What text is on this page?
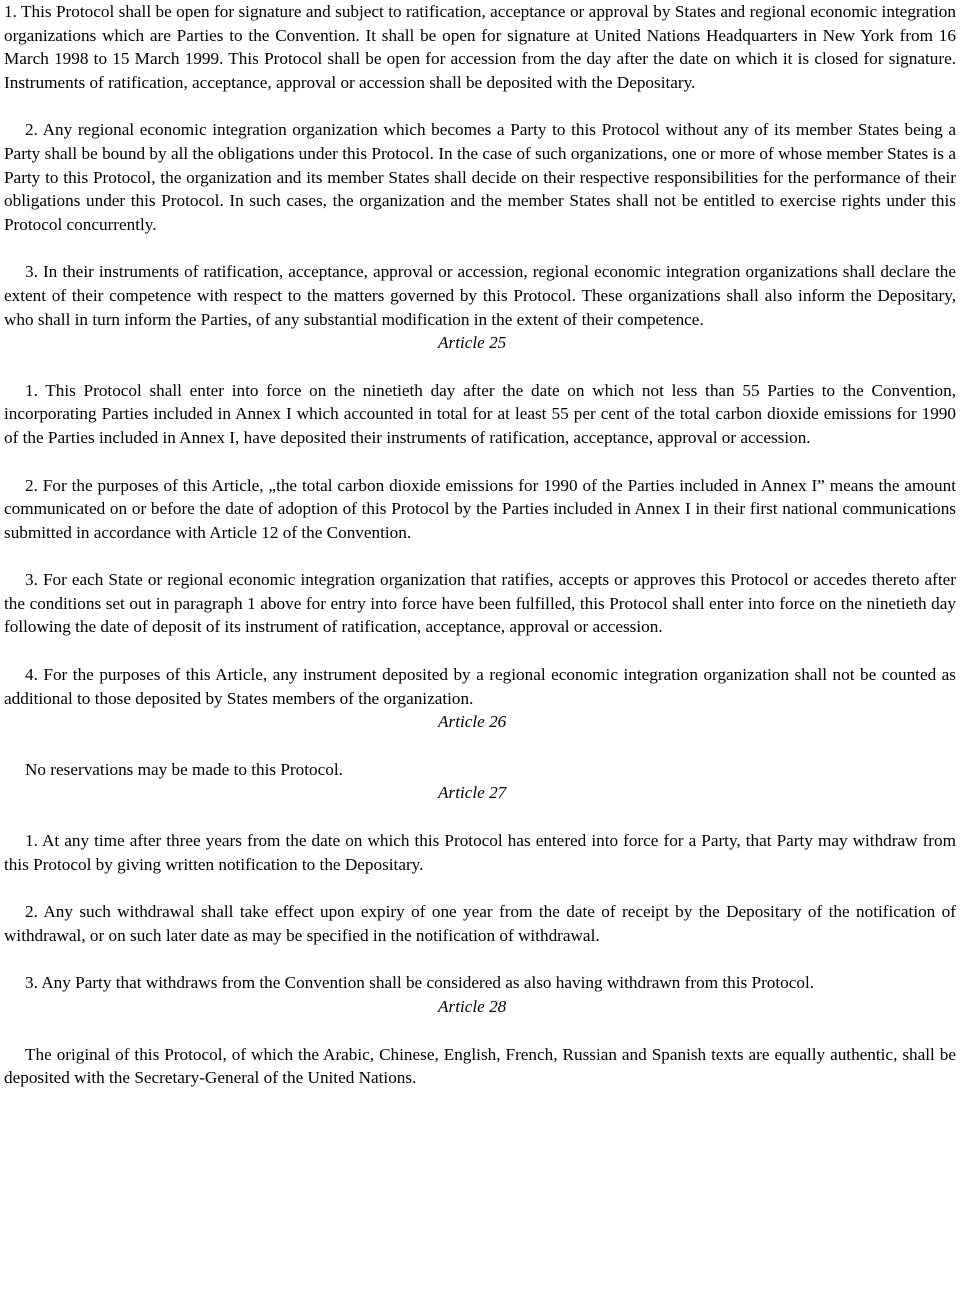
1. This Protocol shall be open for signature and subject to ratification, acceptance or approval by States and regional economic integration organizations which are Parties to the Convention. It shall be open for signature at United Nations Headquarters in New York from 16 March 1998 to 15 March 1999. This Protocol shall be open for accession from the day after the date on which it is closed for signature. Instruments of ratification, acceptance, approval or accession shall be deposited with the Depositary.

2. Any regional economic integration organization which becomes a Party to this Protocol without any of its member States being a Party shall be bound by all the obligations under this Protocol. In the case of such organizations, one or more of whose member States is a Party to this Protocol, the organization and its member States shall decide on their respective responsibilities for the performance of their obligations under this Protocol. In such cases, the organization and the member States shall not be entitled to exercise rights under this Protocol concurrently.

3. In their instruments of ratification, acceptance, approval or accession, regional economic integration organizations shall declare the extent of their competence with respect to the matters governed by this Protocol. These organizations shall also inform the Depositary, who shall in turn inform the Parties, of any substantial modification in the extent of their competence.

Article 25

1. This Protocol shall enter into force on the ninetieth day after the date on which not less than 55 Parties to the Convention, incorporating Parties included in Annex I which accounted in total for at least 55 per cent of the total carbon dioxide emissions for 1990 of the Parties included in Annex I, have deposited their instruments of ratification, acceptance, approval or accession.

2. For the purposes of this Article, „the total carbon dioxide emissions for 1990 of the Parties included in Annex I” means the amount communicated on or before the date of adoption of this Protocol by the Parties included in Annex I in their first national communications submitted in accordance with Article 12 of the Convention.

3. For each State or regional economic integration organization that ratifies, accepts or approves this Protocol or accedes thereto after the conditions set out in paragraph 1 above for entry into force have been fulfilled, this Protocol shall enter into force on the ninetieth day following the date of deposit of its instrument of ratification, acceptance, approval or accession.

4. For the purposes of this Article, any instrument deposited by a regional economic integration organization shall not be counted as additional to those deposited by States members of the organization.

Article 26

No reservations may be made to this Protocol.

Article 27

1. At any time after three years from the date on which this Protocol has entered into force for a Party, that Party may withdraw from this Protocol by giving written notification to the Depositary.

2. Any such withdrawal shall take effect upon expiry of one year from the date of receipt by the Depositary of the notification of withdrawal, or on such later date as may be specified in the notification of withdrawal.

3. Any Party that withdraws from the Convention shall be considered as also having withdrawn from this Protocol.

Article 28

The original of this Protocol, of which the Arabic, Chinese, English, French, Russian and Spanish texts are equally authentic, shall be deposited with the Secretary-General of the United Nations.
